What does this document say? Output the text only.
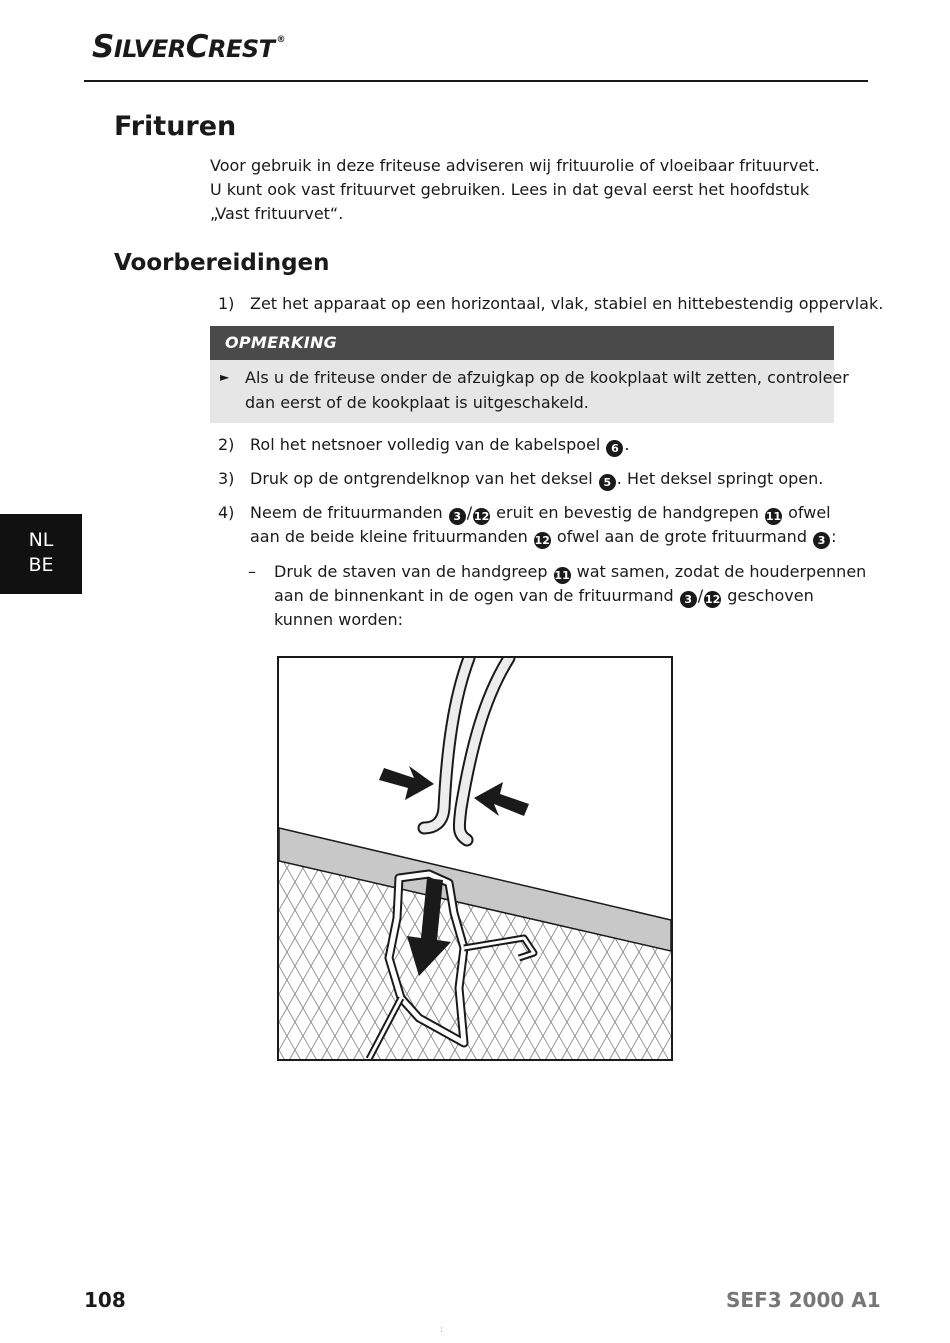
SILVERCREST ®
Frituren
Voor gebruik in deze friteuse adviseren wij frituurolie of vloeibaar frituurvet.
U kunt ook vast frituurvet gebruiken. Lees in dat geval eerst het hoofdstuk
„Vast frituurvet“.
Voorbereidingen
1) Zet het apparaat op een horizontaal, vlak, stabiel en hittebestendig oppervlak.
OPMERKING
► Als u de friteuse onder de afzuigkap op de kookplaat wilt zetten, controleer
dan eerst of de kookplaat is uitgeschakeld.
2) Rol het netsnoer volledig van de kabelspoel 6 .
3) Druk op de ontgrendelknop van het deksel 5 . Het deksel springt open.
4) Neem de frituurmanden 3 / 12 eruit en bevestig de handgrepen 11 ofwel
aan de beide kleine frituurmanden 12 ofwel aan de grote frituurmand 3 :
– Druk de staven van de handgreep 11 wat samen, zodat de houderpennen
aan de binnenkant in de ogen van de frituurmand 3 / 12 geschoven
kunnen worden:
NL
BE
108	SEF3 2000 A1
:
